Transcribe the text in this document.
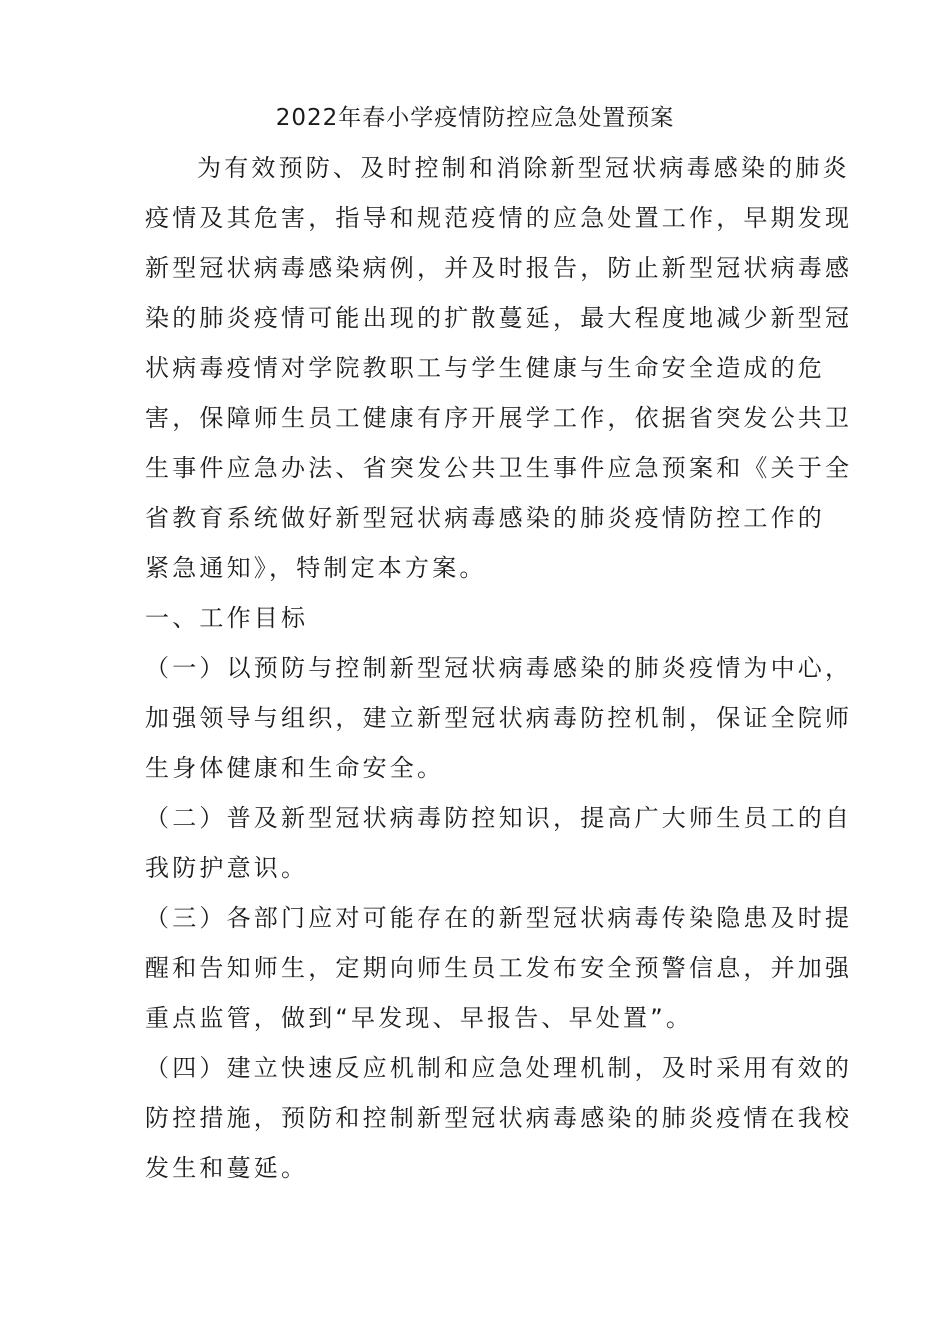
2022年春小学疫情防控应急处置预案
为有效预防、及时控制和消除新型冠状病毒感染的肺炎
疫情及其危害，指导和规范疫情的应急处置工作，早期发现
新型冠状病毒感染病例，并及时报告，防止新型冠状病毒感
染的肺炎疫情可能出现的扩散蔓延，最大程度地减少新型冠
状病毒疫情对学院教职工与学生健康与生命安全造成的危
害，保障师生员工健康有序开展学工作，依据省突发公共卫
生事件应急办法、省突发公共卫生事件应急预案和《关于全
省教育系统做好新型冠状病毒感染的肺炎疫情防控工作的
紧急通知》，特制定本方案。
一、工作目标
（一）以预防与控制新型冠状病毒感染的肺炎疫情为中心，
加强领导与组织，建立新型冠状病毒防控机制，保证全院师
生身体健康和生命安全。
（二）普及新型冠状病毒防控知识，提高广大师生员工的自
我防护意识。
（三）各部门应对可能存在的新型冠状病毒传染隐患及时提
醒和告知师生，定期向师生员工发布安全预警信息，并加强
重点监管，做到“早发现、早报告、早处置”。
（四）建立快速反应机制和应急处理机制，及时采用有效的
防控措施，预防和控制新型冠状病毒感染的肺炎疫情在我校
发生和蔓延。
